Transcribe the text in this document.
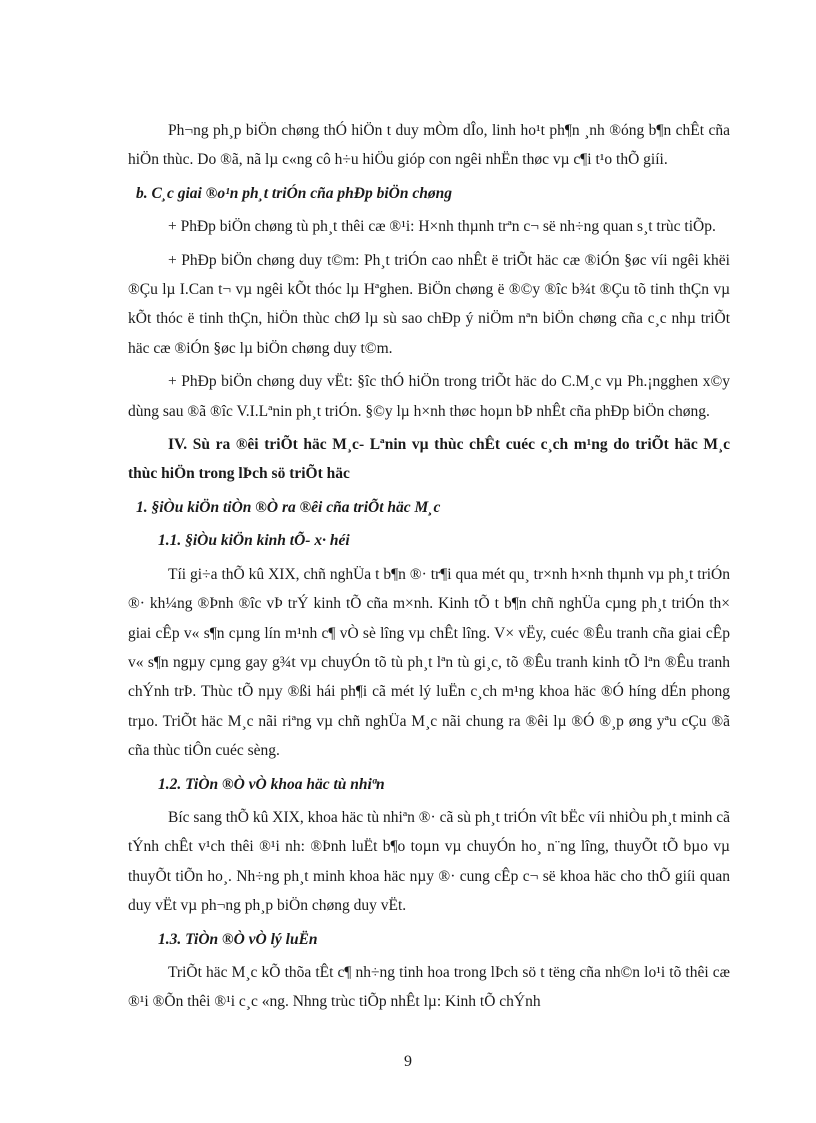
Ph¬ng ph¸p biÖn chøng thÓ hiÖn t duy mÒm dÎo, linh ho¹t ph¶n ¸nh ®óng b¶n chÊt cña hiÖn thùc. Do ®ã, nã lµ c«ng cô h÷u hiÖu gióp con ngêi nhËn thøc vµ c¶i t¹o thÕ giíi.

b. C¸c giai ®o¹n ph¸t triÓn cña phÐp biÖn chøng

+ PhÐp biÖn chøng tù ph¸t thêi cæ ®¹i: H×nh thµnh trªn c¬ së nh÷ng quan s¸t trùc tiÕp.

+ PhÐp biÖn chøng duy t©m: Ph¸t triÓn cao nhÊt ë triÕt häc cæ ®iÓn §øc víi ngêi khëi ®Çu lµ I.Can t¬ vµ ngêi kÕt thóc lµ Hªghen. BiÖn chøng ë ®©y ®îc b¾t ®Çu tõ tinh thÇn vµ kÕt thóc ë tinh thÇn, hiÖn thùc chØ lµ sù sao chÐp ý niÖm nªn biÖn chøng cña c¸c nhµ triÕt häc cæ ®iÓn §øc lµ biÖn chøng duy t©m.

+ PhÐp biÖn chøng duy vËt: §îc thÓ hiÖn trong triÕt häc do C.M¸c vµ Ph.¡ngghen x©y dùng sau ®ã ®îc V.I.Lªnin ph¸t triÓn. §©y lµ h×nh thøc hoµn bÞ nhÊt cña phÐp biÖn chøng.

IV. Sù ra ®êi triÕt häc M¸c- Lªnin vµ thùc chÊt cuéc c¸ch m¹ng do triÕt häc M¸c thùc hiÖn trong lÞch sö triÕt häc

1. §iÒu kiÖn tiÒn ®Ò ra ®êi cña triÕt häc M¸c

1.1. §iÒu kiÖn kinh tÕ- x· héi

Tíi gi÷a thÕ kû XIX, chñ nghÜa t b¶n ®· tr¶i qua mét qu¸ tr×nh h×nh thµnh vµ ph¸t triÓn ®· kh¼ng ®Þnh ®îc vÞ trÝ kinh tÕ cña m×nh. Kinh tÕ t b¶n chñ nghÜa cµng ph¸t triÓn th× giai cÊp v« s¶n cµng lín m¹nh c¶ vÒ sè lîng vµ chÊt lîng. V× vËy, cuéc ®Êu tranh cña giai cÊp v« s¶n ngµy cµng gay g¾t vµ chuyÓn tõ tù ph¸t lªn tù gi¸c, tõ ®Êu tranh kinh tÕ lªn ®Êu tranh chÝnh trÞ. Thùc tÕ nµy ®ßi hái ph¶i cã mét lý luËn c¸ch m¹ng khoa häc ®Ó híng dÉn phong trµo. TriÕt häc M¸c nãi riªng vµ chñ nghÜa M¸c nãi chung ra ®êi lµ ®Ó ®¸p øng yªu cÇu ®ã cña thùc tiÔn cuéc sèng.

1.2. TiÒn ®Ò vÒ khoa häc tù nhiªn

Bíc sang thÕ kû XIX, khoa häc tù nhiªn ®· cã sù ph¸t triÓn vît bËc víi nhiÒu ph¸t minh cã tÝnh chÊt v¹ch thêi ®¹i nh: ®Þnh luËt b¶o toµn vµ chuyÓn ho¸ n¨ng lîng, thuyÕt tÕ bµo vµ thuyÕt tiÕn ho¸. Nh÷ng ph¸t minh khoa häc nµy ®· cung cÊp c¬ së khoa häc cho thÕ giíi quan duy vËt vµ ph¬ng ph¸p biÖn chøng duy vËt.

1.3. TiÒn ®Ò vÒ lý luËn

TriÕt häc M¸c kÕ thõa tÊt c¶ nh÷ng tinh hoa trong lÞch sö t tëng cña nh©n lo¹i tõ thêi cæ ®¹i ®Õn thêi ®¹i c¸c «ng. Nhng trùc tiÕp nhÊt lµ: Kinh tÕ chÝnh

9
